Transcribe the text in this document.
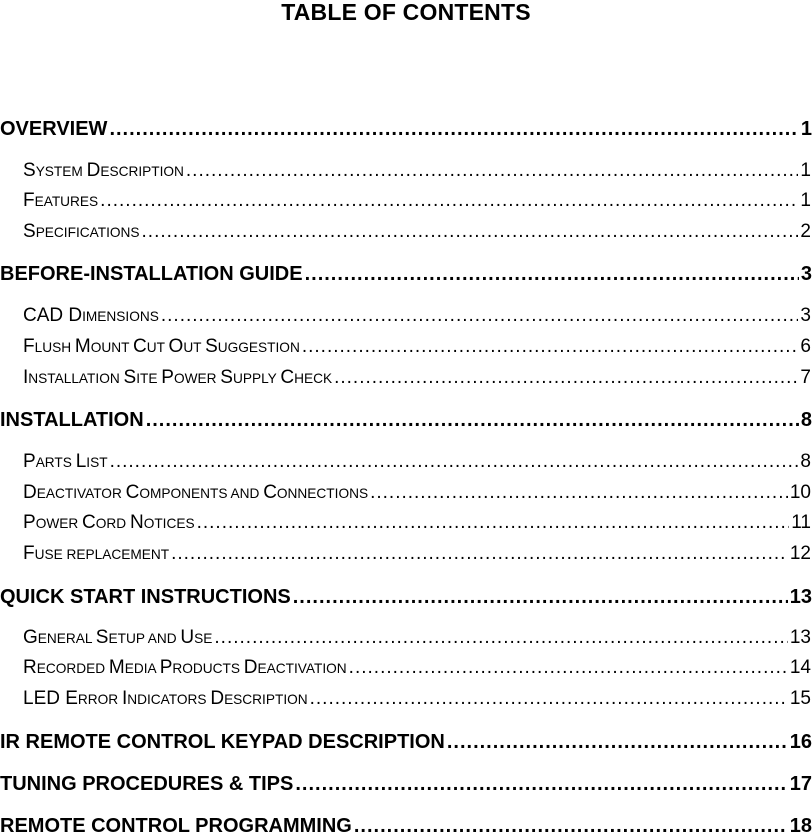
TABLE OF CONTENTS
OVERVIEW .....	1
SYSTEM DESCRIPTION .....	1
FEATURES .....	1
SPECIFICATIONS .....	2
BEFORE-INSTALLATION GUIDE .....	3
CAD DIMENSIONS .....	3
FLUSH MOUNT CUT OUT SUGGESTION .....	6
INSTALLATION SITE POWER SUPPLY CHECK .....	7
INSTALLATION .....	8
PARTS LIST .....	8
DEACTIVATOR COMPONENTS AND CONNECTIONS .....	10
POWER CORD NOTICES .....	11
FUSE REPLACEMENT .....	12
QUICK START INSTRUCTIONS .....	13
GENERAL SETUP AND USE .....	13
RECORDED MEDIA PRODUCTS DEACTIVATION .....	14
LED ERROR INDICATORS DESCRIPTION .....	15
IR REMOTE CONTROL KEYPAD DESCRIPTION .....	16
TUNING PROCEDURES & TIPS .....	17
REMOTE CONTROL PROGRAMMING .....	18
